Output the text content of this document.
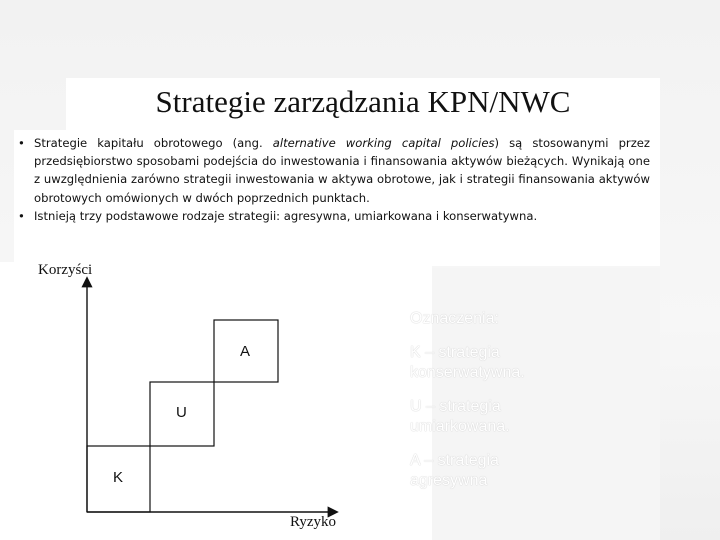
Strategie zarządzania KPN/NWC
• Strategie kapitału obrotowego (ang. alternative working capital policies) są stosowanymi przez przedsiębiorstwo sposobami podejścia do inwestowania i finansowania aktywów bieżących. Wynikają one z uwzględnienia zarówno strategii inwestowania w aktywa obrotowe, jak i strategii finansowania aktywów obrotowych omówionych w dwóch poprzednich punktach.
• Istnieją trzy podstawowe rodzaje strategii: agresywna, umiarkowana i konserwatywna.
Korzyści
Ryzyko
K
U
A
Oznaczenia:
K – strategia
konserwatywna.
U – strategia
umiarkowana.
A – strategia
agresywna
